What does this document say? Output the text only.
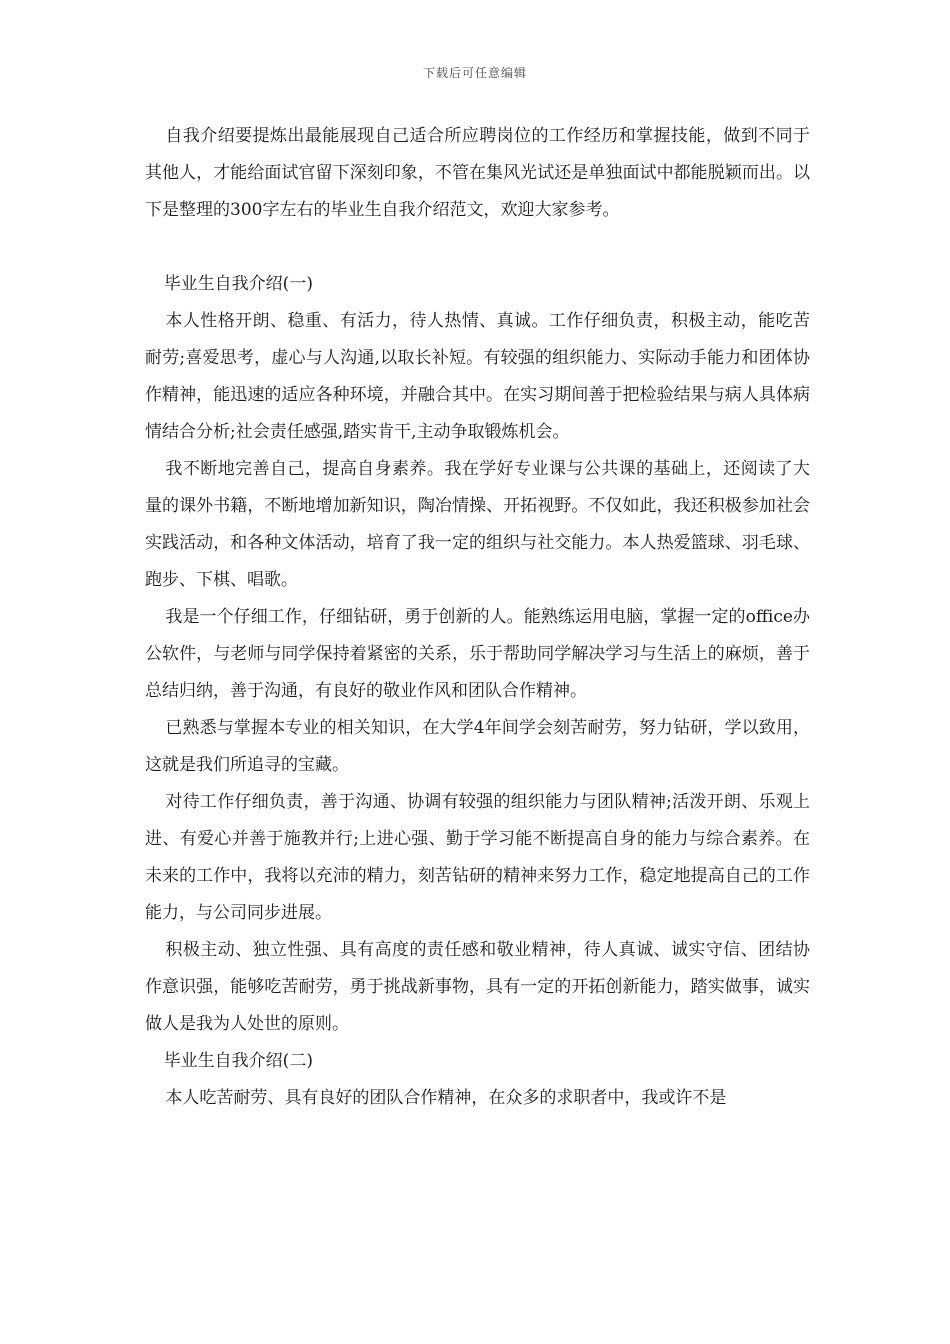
下载后可任意编辑

自我介绍要提炼出最能展现自己适合所应聘岗位的工作经历和掌握技能，做到不同于其他人，才能给面试官留下深刻印象，不管在集风光试还是单独面试中都能脱颖而出。以下是整理的300字左右的毕业生自我介绍范文，欢迎大家参考。

毕业生自我介绍(一)

本人性格开朗、稳重、有活力，待人热情、真诚。工作仔细负责，积极主动，能吃苦耐劳;喜爱思考，虚心与人沟通,以取长补短。有较强的组织能力、实际动手能力和团体协作精神，能迅速的适应各种环境，并融合其中。在实习期间善于把检验结果与病人具体病情结合分析;社会责任感强,踏实肯干,主动争取锻炼机会。

我不断地完善自己，提高自身素养。我在学好专业课与公共课的基础上，还阅读了大量的课外书籍，不断地增加新知识，陶冶情操、开拓视野。不仅如此，我还积极参加社会实践活动，和各种文体活动，培育了我一定的组织与社交能力。本人热爱篮球、羽毛球、跑步、下棋、唱歌。

我是一个仔细工作，仔细钻研，勇于创新的人。能熟练运用电脑，掌握一定的office办公软件，与老师与同学保持着紧密的关系，乐于帮助同学解决学习与生活上的麻烦，善于总结归纳，善于沟通，有良好的敬业作风和团队合作精神。

已熟悉与掌握本专业的相关知识，在大学4年间学会刻苦耐劳，努力钻研，学以致用，这就是我们所追寻的宝藏。

对待工作仔细负责，善于沟通、协调有较强的组织能力与团队精神;活泼开朗、乐观上进、有爱心并善于施教并行;上进心强、勤于学习能不断提高自身的能力与综合素养。在未来的工作中，我将以充沛的精力，刻苦钻研的精神来努力工作，稳定地提高自己的工作能力，与公司同步进展。

积极主动、独立性强、具有高度的责任感和敬业精神，待人真诚、诚实守信、团结协作意识强，能够吃苦耐劳，勇于挑战新事物，具有一定的开拓创新能力，踏实做事，诚实做人是我为人处世的原则。

毕业生自我介绍(二)

本人吃苦耐劳、具有良好的团队合作精神，在众多的求职者中，我或许不是
